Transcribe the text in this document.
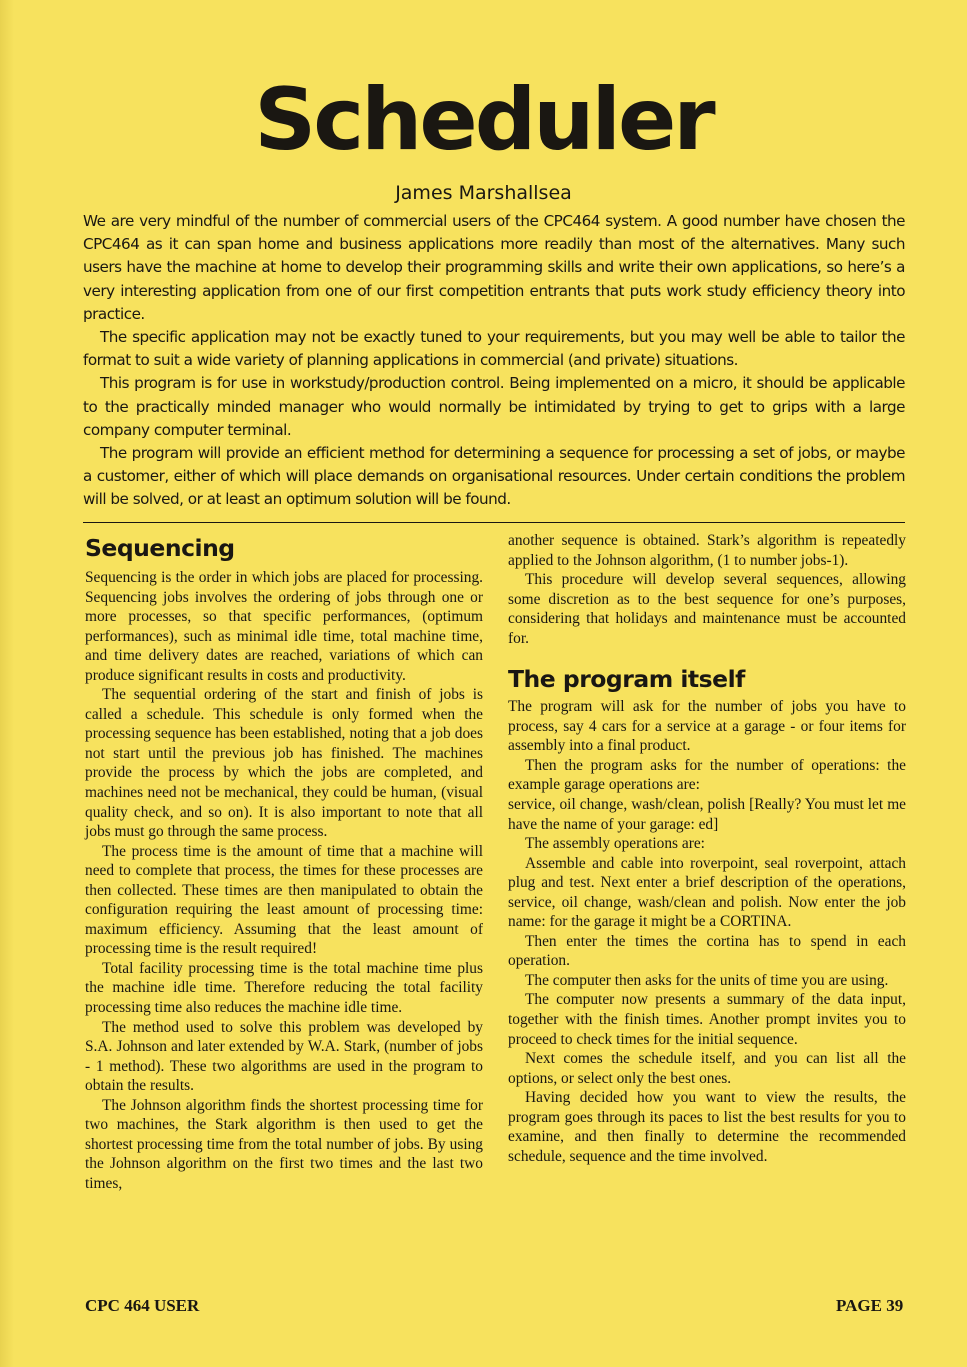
Scheduler
James Marshallsea

We are very mindful of the number of commercial users of the CPC464 system. A good number have chosen the CPC464 as it can span home and business applications more readily than most of the alternatives. Many such users have the machine at home to develop their programming skills and write their own applications, so here’s a very interesting application from one of our first competition entrants that puts work study efficiency theory into practice.

The specific application may not be exactly tuned to your requirements, but you may well be able to tailor the format to suit a wide variety of planning applications in commercial (and private) situations.

This program is for use in workstudy/production control. Being implemented on a micro, it should be applicable to the practically minded manager who would normally be intimidated by trying to get to grips with a large company computer terminal.

The program will provide an efficient method for determining a sequence for processing a set of jobs, or maybe a customer, either of which will place demands on organisational resources. Under certain conditions the problem will be solved, or at least an optimum solution will be found.

Sequencing

Sequencing is the order in which jobs are placed for processing. Sequencing jobs involves the ordering of jobs through one or more processes, so that specific performances, (optimum performances), such as minimal idle time, total machine time, and time delivery dates are reached, variations of which can produce significant results in costs and productivity.

The sequential ordering of the start and finish of jobs is called a schedule. This schedule is only formed when the processing sequence has been established, noting that a job does not start until the previous job has finished. The machines provide the process by which the jobs are completed, and machines need not be mechanical, they could be human, (visual quality check, and so on). It is also important to note that all jobs must go through the same process.

The process time is the amount of time that a machine will need to complete that process, the times for these processes are then collected. These times are then manipulated to obtain the configuration requiring the least amount of processing time: maximum efficiency. Assuming that the least amount of processing time is the result required!

Total facility processing time is the total machine time plus the machine idle time. Therefore reducing the total facility processing time also reduces the machine idle time.

The method used to solve this problem was developed by S.A. Johnson and later extended by W.A. Stark, (number of jobs - 1 method). These two algorithms are used in the program to obtain the results.

The Johnson algorithm finds the shortest processing time for two machines, the Stark algorithm is then used to get the shortest processing time from the total number of jobs. By using the Johnson algorithm on the first two times and the last two times,

another sequence is obtained. Stark’s algorithm is repeatedly applied to the Johnson algorithm, (1 to number jobs-1).

This procedure will develop several sequences, allowing some discretion as to the best sequence for one’s purposes, considering that holidays and maintenance must be accounted for.

The program itself

The program will ask for the number of jobs you have to process, say 4 cars for a service at a garage - or four items for assembly into a final product.

Then the program asks for the number of operations: the example garage operations are:

service, oil change, wash/clean, polish [Really? You must let me have the name of your garage: ed]

The assembly operations are:

Assemble and cable into roverpoint, seal roverpoint, attach plug and test. Next enter a brief description of the operations, service, oil change, wash/clean and polish. Now enter the job name: for the garage it might be a CORTINA.

Then enter the times the cortina has to spend in each operation.

The computer then asks for the units of time you are using.

The computer now presents a summary of the data input, together with the finish times. Another prompt invites you to proceed to check times for the initial sequence.

Next comes the schedule itself, and you can list all the options, or select only the best ones.

Having decided how you want to view the results, the program goes through its paces to list the best results for you to examine, and then finally to determine the recommended schedule, sequence and the time involved.

CPC 464 USER	PAGE 39
